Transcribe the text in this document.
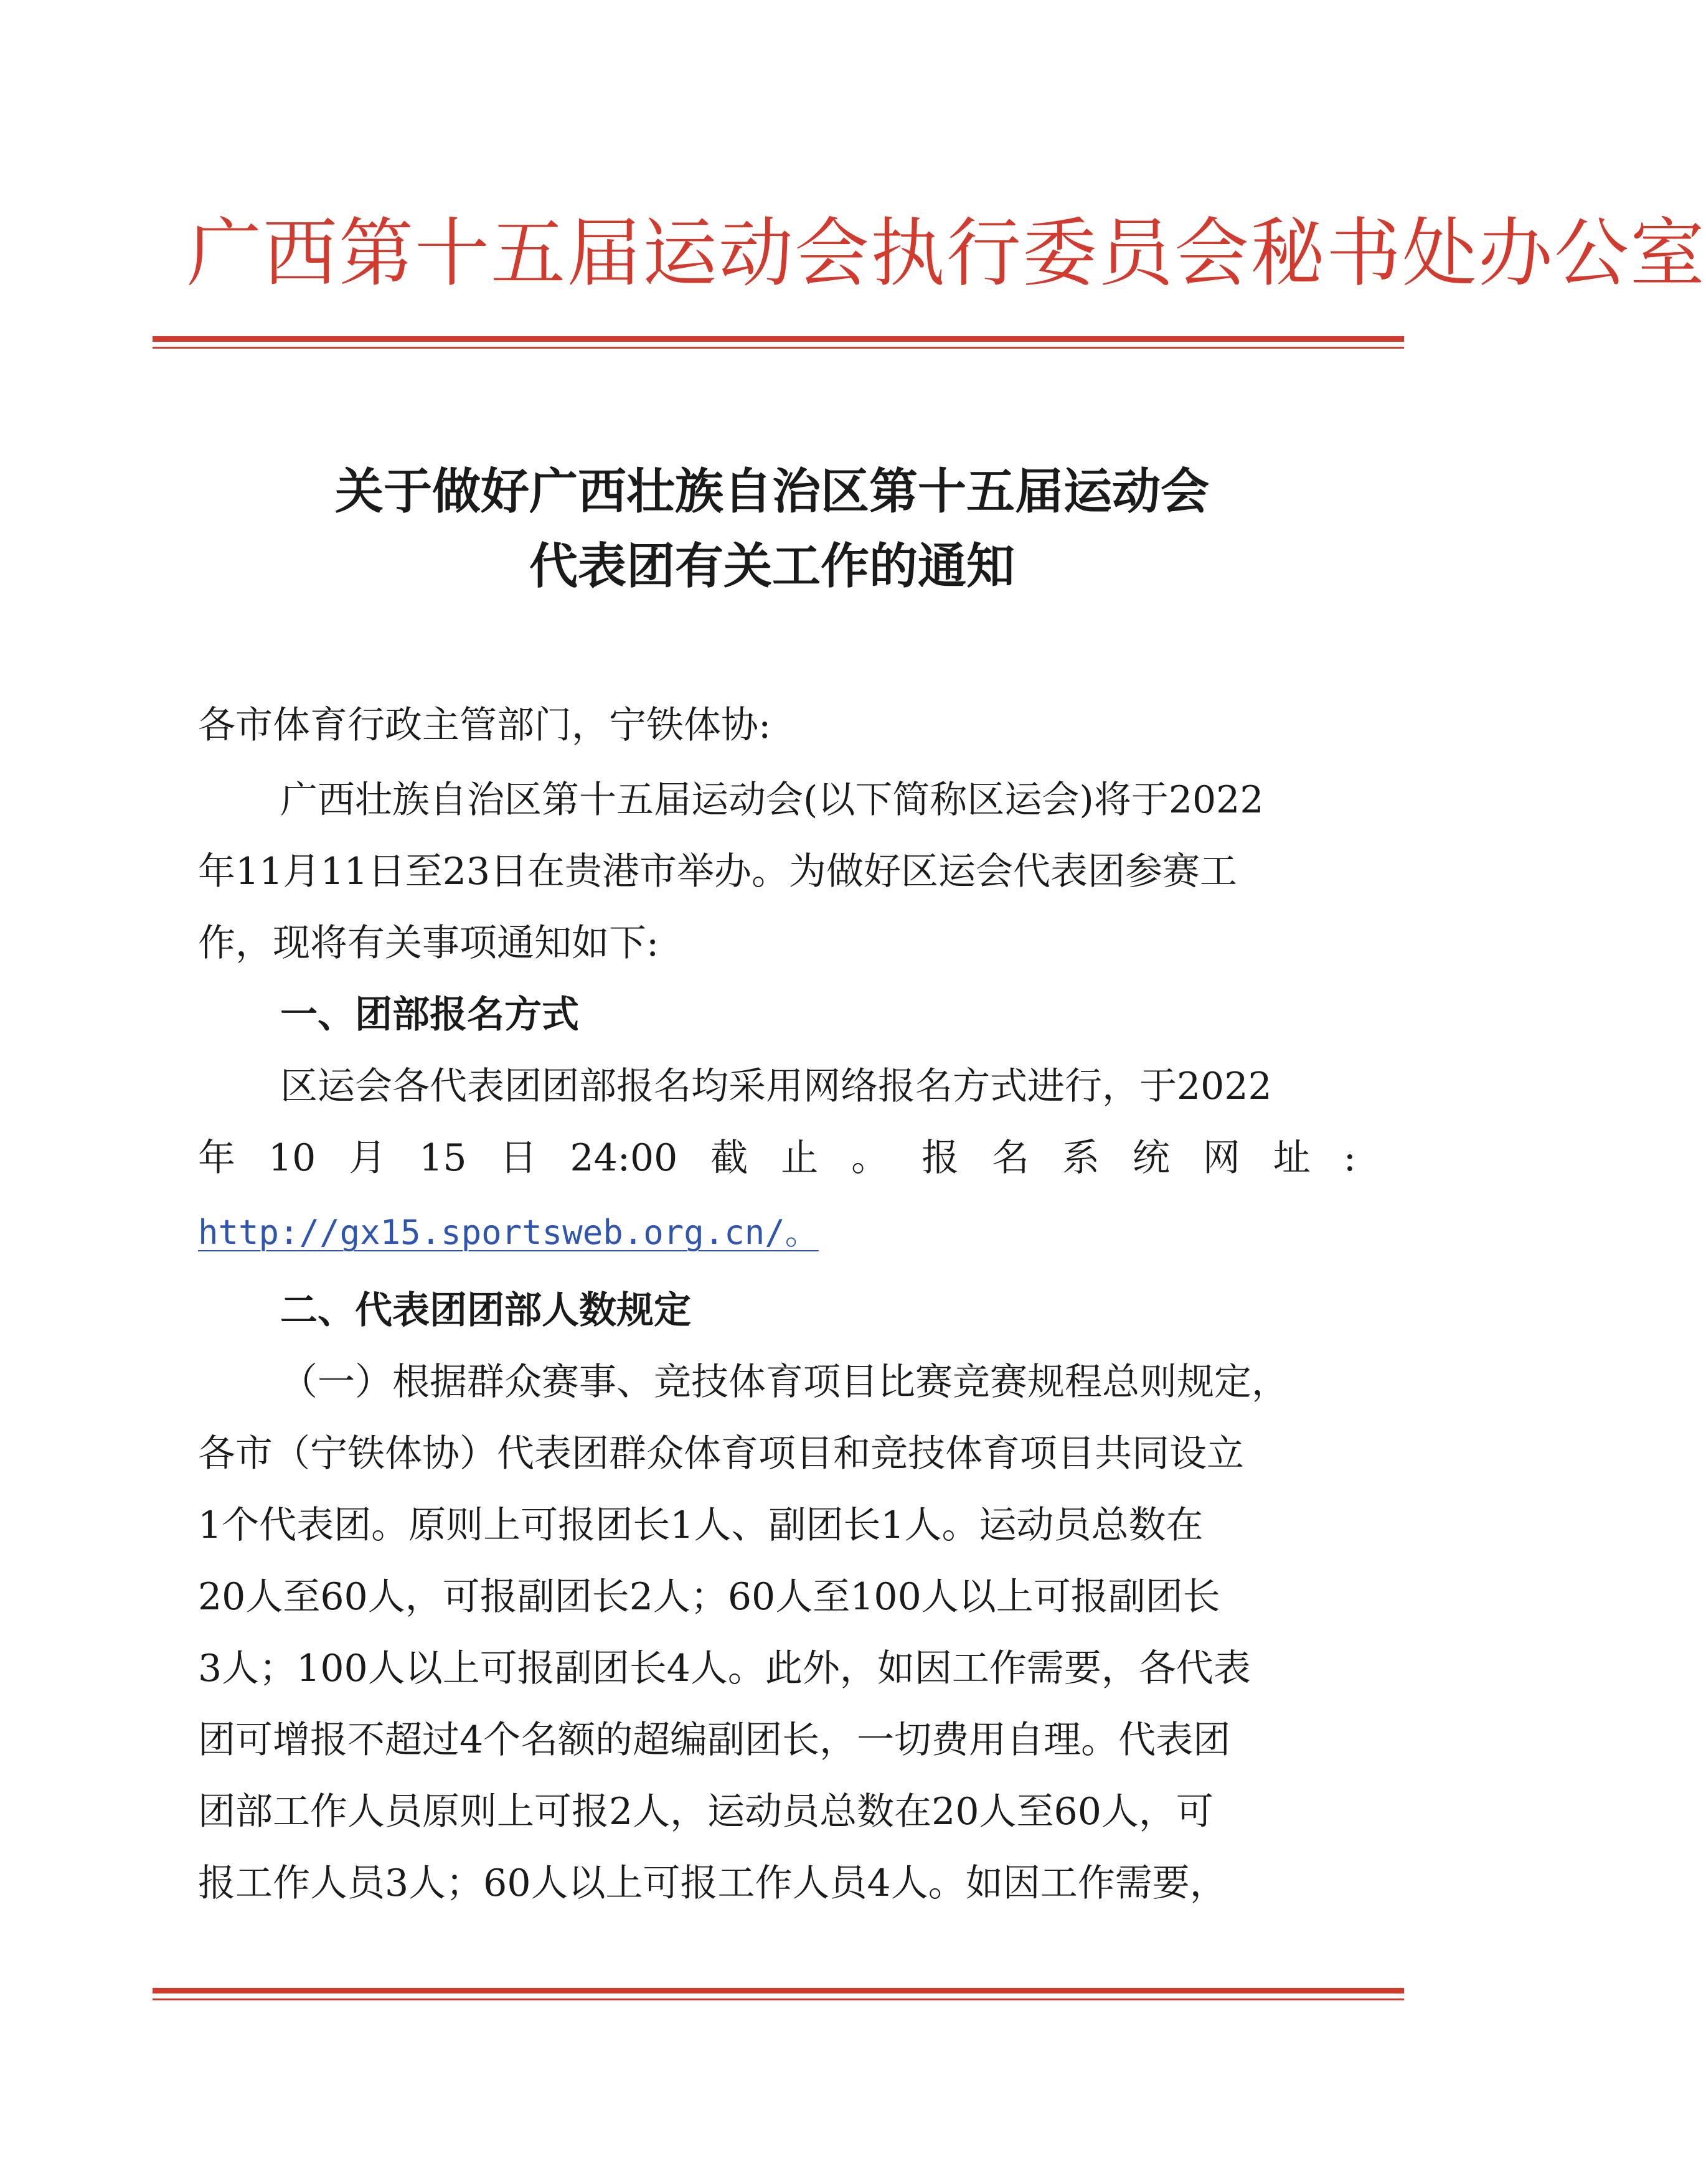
广西第十五届运动会执行委员会秘书处办公室
关于做好广西壮族自治区第十五届运动会
代表团有关工作的通知
各市体育行政主管部门，宁铁体协:
广西壮族自治区第十五届运动会(以下简称区运会)将于2022
年11月11日至23日在贵港市举办。为做好区运会代表团参赛工
作，现将有关事项通知如下:
一、团部报名方式
区运会各代表团团部报名均采用网络报名方式进行，于2022
年 10 月 15 日 24:00 截 止 。 报 名 系 统 网 址 :
http://gx15.sportsweb.org.cn/。
二、代表团团部人数规定
（一）根据群众赛事、竞技体育项目比赛竞赛规程总则规定，
各市（宁铁体协）代表团群众体育项目和竞技体育项目共同设立
1个代表团。原则上可报团长1人、副团长1人。运动员总数在
20人至60人，可报副团长2人；60人至100人以上可报副团长
3人；100人以上可报副团长4人。此外，如因工作需要，各代表
团可增报不超过4个名额的超编副团长，一切费用自理。代表团
团部工作人员原则上可报2人，运动员总数在20人至60人，可
报工作人员3人；60人以上可报工作人员4人。如因工作需要，
